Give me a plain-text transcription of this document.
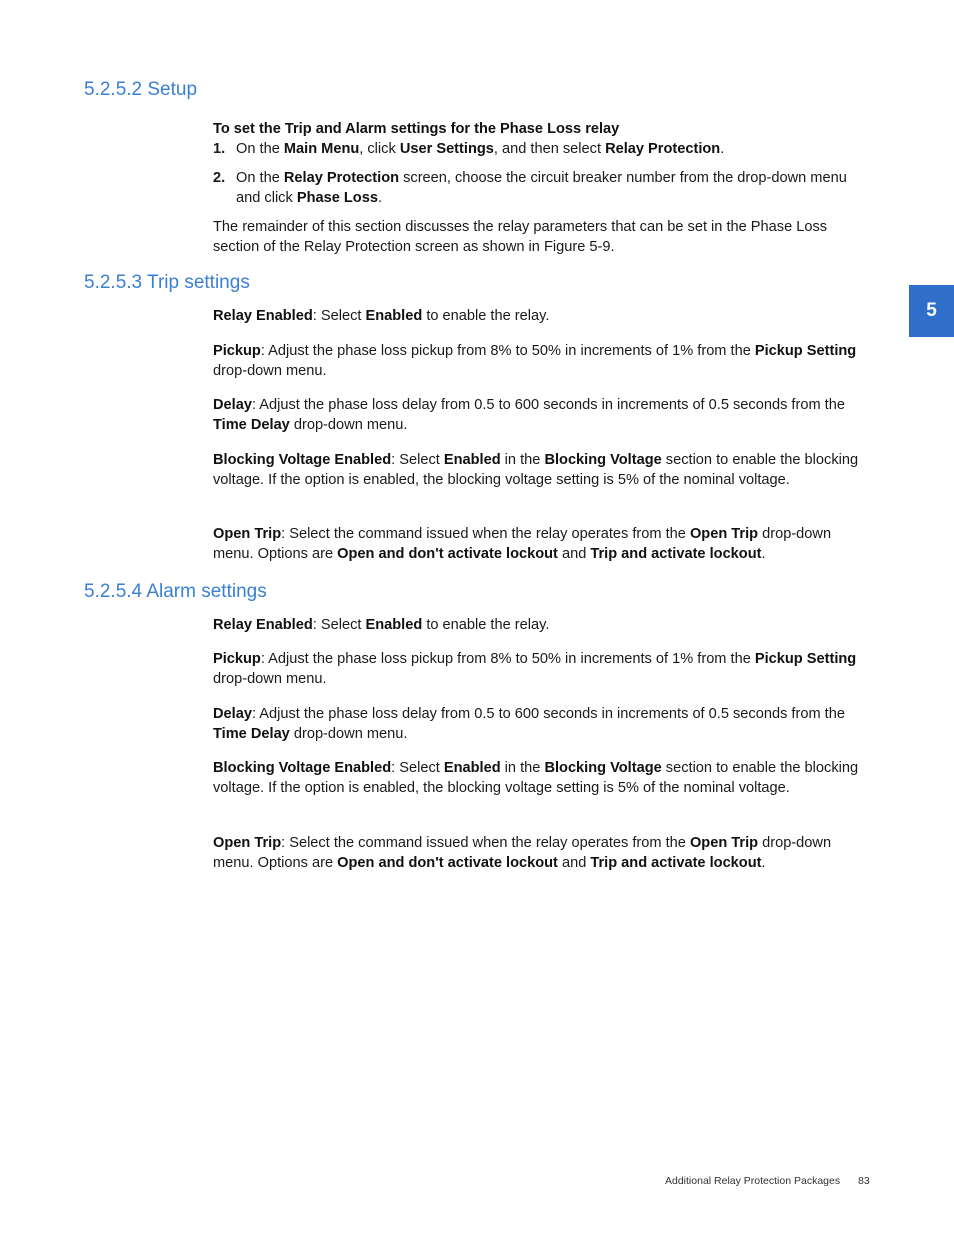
5.2.5.2 Setup

To set the Trip and Alarm settings for the Phase Loss relay

1. On the Main Menu, click User Settings, and then select Relay Protection.
2. On the Relay Protection screen, choose the circuit breaker number from the drop-down menu and click Phase Loss.

The remainder of this section discusses the relay parameters that can be set in the Phase Loss section of the Relay Protection screen as shown in Figure 5-9.

5.2.5.3 Trip settings
Relay Enabled: Select Enabled to enable the relay.
Pickup: Adjust the phase loss pickup from 8% to 50% in increments of 1% from the Pickup Setting drop-down menu.
Delay: Adjust the phase loss delay from 0.5 to 600 seconds in increments of 0.5 seconds from the Time Delay drop-down menu.
Blocking Voltage Enabled: Select Enabled in the Blocking Voltage section to enable the blocking voltage. If the option is enabled, the blocking voltage setting is 5% of the nominal voltage.
Open Trip: Select the command issued when the relay operates from the Open Trip drop-down menu. Options are Open and don't activate lockout and Trip and activate lockout.
5.2.5.4 Alarm settings
Relay Enabled: Select Enabled to enable the relay.
Pickup: Adjust the phase loss pickup from 8% to 50% in increments of 1% from the Pickup Setting drop-down menu.
Delay: Adjust the phase loss delay from 0.5 to 600 seconds in increments of 0.5 seconds from the Time Delay drop-down menu.
Blocking Voltage Enabled: Select Enabled in the Blocking Voltage section to enable the blocking voltage. If the option is enabled, the blocking voltage setting is 5% of the nominal voltage.
Open Trip: Select the command issued when the relay operates from the Open Trip drop-down menu. Options are Open and don't activate lockout and Trip and activate lockout.
5
Additional Relay Protection Packages 83
